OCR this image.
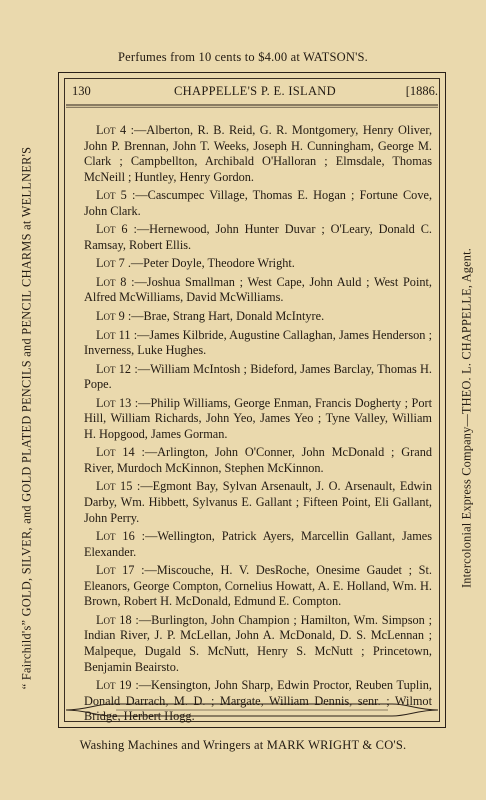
Perfumes from 10 cents to $4.00 at WATSON'S.
“ Fairchild's” GOLD, SILVER, and GOLD PLATED PENCILS and PENCIL CHARMS at WELLNER'S	Intercolonial Express Company—THEO. L. CHAPPELLE, Agent.
130	CHAPPELLE'S P. E. ISLAND	[1886.

Lot 4 :—Alberton, R. B. Reid, G. R. Montgomery, Henry Oliver, John P. Brennan, John T. Weeks, Joseph H. Cunningham, George M. Clark ; Campbellton, Archibald O'Halloran ; Elmsdale, Thomas McNeill ; Huntley, Henry Gordon.

Lot 5 :—Cascumpec Village, Thomas E. Hogan ; Fortune Cove, John Clark.

Lot 6 :—Hernewood, John Hunter Duvar ; O'Leary, Donald C. Ramsay, Robert Ellis.

Lot 7 .—Peter Doyle, Theodore Wright.

Lot 8 :—Joshua Smallman ; West Cape, John Auld ; West Point, Alfred McWilliams, David McWilliams.

Lot 9 :—Brae, Strang Hart, Donald McIntyre.

Lot 11 :—James Kilbride, Augustine Callaghan, James Henderson ; Inverness, Luke Hughes.

Lot 12 :—William McIntosh ; Bideford, James Barclay, Thomas H. Pope.

Lot 13 :—Philip Williams, George Enman, Francis Dogherty ; Port Hill, William Richards, John Yeo, James Yeo ; Tyne Valley, William H. Hopgood, James Gorman.

Lot 14 :—Arlington, John O'Conner, John McDonald ; Grand River, Murdoch McKinnon, Stephen McKinnon.

Lot 15 :—Egmont Bay, Sylvan Arsenault, J. O. Arsenault, Edwin Darby, Wm. Hibbett, Sylvanus E. Gallant ; Fifteen Point, Eli Gallant, John Perry.

Lot 16 :—Wellington, Patrick Ayers, Marcellin Gallant, James Elexander.

Lot 17 :—Miscouche, H. V. DesRoche, Onesime Gaudet ; St. Eleanors, George Compton, Cornelius Howatt, A. E. Holland, Wm. H. Brown, Robert H. McDonald, Edmund E. Compton.

Lot 18 :—Burlington, John Champion ; Hamilton, Wm. Simpson ; Indian River, J. P. McLellan, John A. McDonald, D. S. McLennan ; Malpeque, Dugald S. McNutt, Henry S. McNutt ; Princetown, Benjamin Beairsto.

Lot 19 :—Kensington, John Sharp, Edwin Proctor, Reuben Tuplin, Donald Darrach, M. D. ; Margate, William Dennis, senr. ; Wilmot Bridge, Herbert Hogg.

Washing Machines and Wringers at MARK WRIGHT & CO'S.
